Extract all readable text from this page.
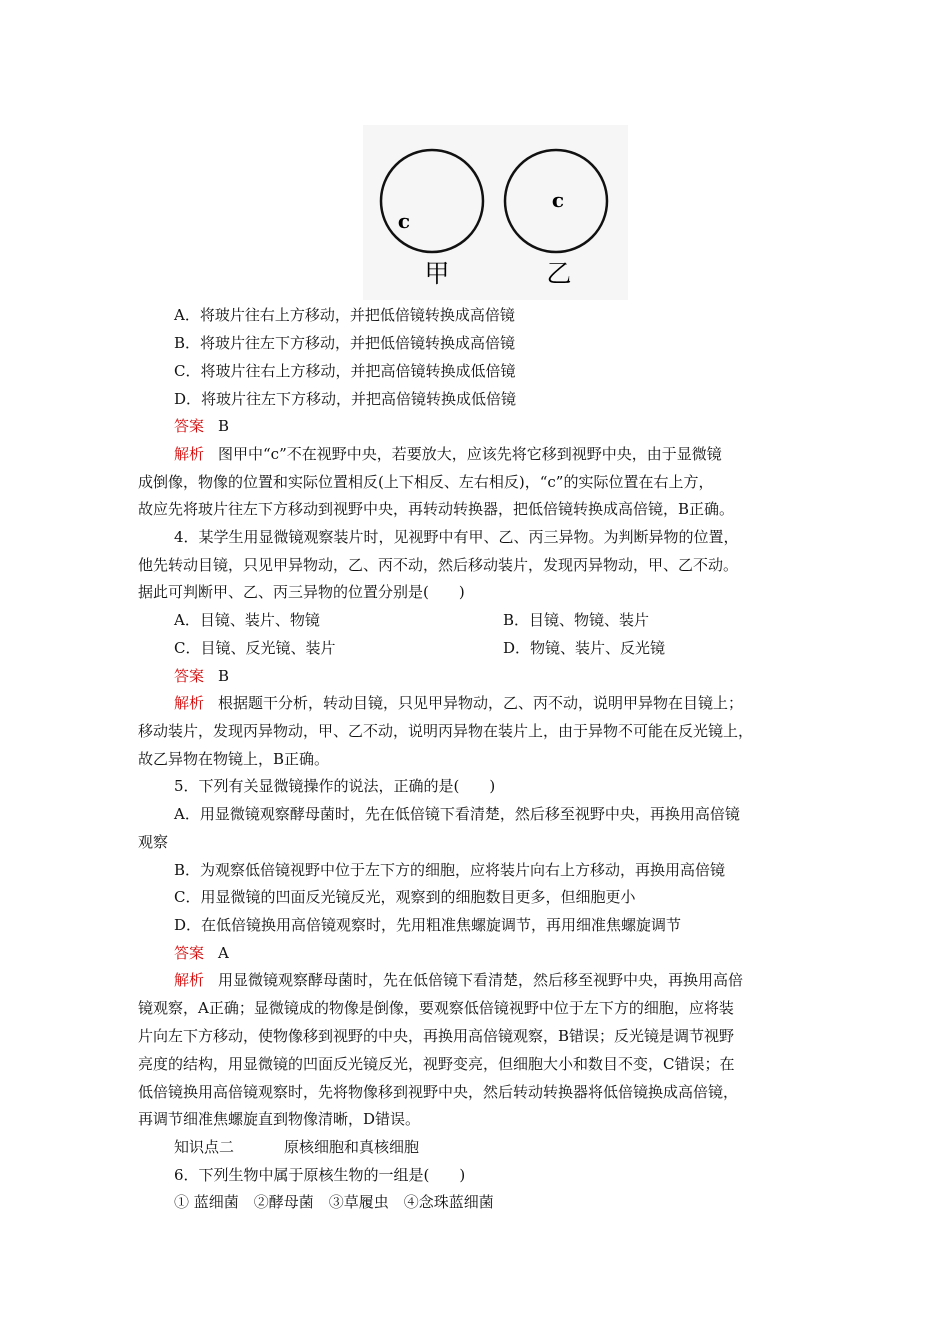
c
c
甲	乙
A．将玻片往右上方移动，并把低倍镜转换成高倍镜
B．将玻片往左下方移动，并把低倍镜转换成高倍镜
C．将玻片往右上方移动，并把高倍镜转换成低倍镜
D．将玻片往左下方移动，并把高倍镜转换成低倍镜
答案 B
解析 图甲中“c”不在视野中央，若要放大，应该先将它移到视野中央，由于显微镜
成倒像，物像的位置和实际位置相反(上下相反、左右相反)，“c”的实际位置在右上方，
故应先将玻片往左下方移动到视野中央，再转动转换器，把低倍镜转换成高倍镜，B正确。
4．某学生用显微镜观察装片时，见视野中有甲、乙、丙三异物。为判断异物的位置，
他先转动目镜，只见甲异物动，乙、丙不动，然后移动装片，发现丙异物动，甲、乙不动。
据此可判断甲、乙、丙三异物的位置分别是(　　)
A．目镜、装片、物镜	B．目镜、物镜、装片
C．目镜、反光镜、装片	D．物镜、装片、反光镜
答案 B
解析 根据题干分析，转动目镜，只见甲异物动，乙、丙不动，说明甲异物在目镜上；
移动装片，发现丙异物动，甲、乙不动，说明丙异物在装片上，由于异物不可能在反光镜上，
故乙异物在物镜上，B正确。
5．下列有关显微镜操作的说法，正确的是(　　)
A．用显微镜观察酵母菌时，先在低倍镜下看清楚，然后移至视野中央，再换用高倍镜
观察
B．为观察低倍镜视野中位于左下方的细胞，应将装片向右上方移动，再换用高倍镜
C．用显微镜的凹面反光镜反光，观察到的细胞数目更多，但细胞更小
D．在低倍镜换用高倍镜观察时，先用粗准焦螺旋调节，再用细准焦螺旋调节
答案 A
解析 用显微镜观察酵母菌时，先在低倍镜下看清楚，然后移至视野中央，再换用高倍
镜观察，A正确；显微镜成的物像是倒像，要观察低倍镜视野中位于左下方的细胞，应将装
片向左下方移动，使物像移到视野的中央，再换用高倍镜观察，B错误；反光镜是调节视野
亮度的结构，用显微镜的凹面反光镜反光，视野变亮，但细胞大小和数目不变，C错误；在
低倍镜换用高倍镜观察时，先将物像移到视野中央，然后转动转换器将低倍镜换成高倍镜，
再调节细准焦螺旋直到物像清晰，D错误。
知识点二	原核细胞和真核细胞
6．下列生物中属于原核生物的一组是(　　)
① 蓝细菌　②酵母菌　③草履虫　④念珠蓝细菌
